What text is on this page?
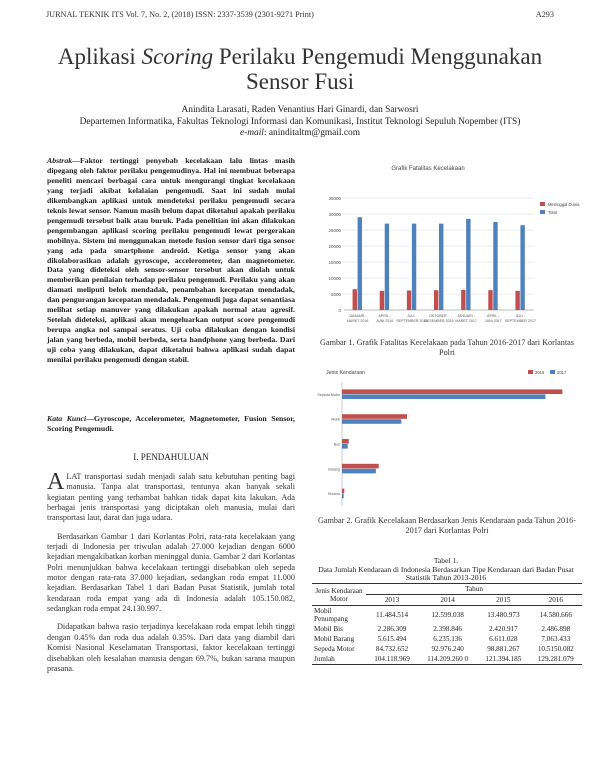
JURNAL TEKNIK ITS Vol. 7, No. 2, (2018) ISSN: 2337-3539 (2301-9271 Print)	A293
Aplikasi Scoring Perilaku Pengemudi Menggunakan
Sensor Fusi
Anindita Larasati, Raden Venantius Hari Ginardi, dan Sarwosri
Departemen Informatika, Fakultas Teknologi Informasi dan Komunikasi, Institut Teknologi Sepuluh Nopember (ITS)
e-mail: aninditaltm@gmail.com
Abstrak—Faktor tertinggi penyebab kecelakaan lalu lintas masih dipegang oleh faktor perilaku pengemudinya. Hal ini membuat beberapa peneliti mencari berbagai cara untuk mengurangi tingkat kecelakaan yang terjadi akibat kelalaian pengemudi. Saat ini sudah mulai dikembangkan aplikasi untuk mendeteksi perilaku pengemudi secara teknis lewat sensor. Namun masih belum dapat diketahui apakah perilaku pengemudi tersebut baik atau buruk. Pada penelitian ini akan dilakukan pengembangan aplikasi scoring perilaku pengemudi lewat pergerakan mobilnya. Sistem ini menggunakan metode fusion sensor dari tiga sensor yang ada pada smartphone android. Ketiga sensor yang akan dikolaborasikan adalah gyroscope, accelerometer, dan magnetometer. Data yang dideteksi oleh sensor-sensor tersebut akan diolah untuk memberikan penilaian terhadap perilaku pengemudi. Perilaku yang akan diamati meliputi belok mendadak, penambahan kecepatan mendadak, dan pengurangan kecepatan mendadak. Pengemudi juga dapat senantiasa melihat setiap manuver yang dilakukan apakah normal atau agresif. Setelah dideteksi, aplikasi akan mengeluarkan output score pengemudi berupa angka nol sampai seratus. Uji coba dilakukan dengan kondisi jalan yang berbeda, mobil berbeda, serta handphone yang berbeda. Dari uji coba yang dilakukan, dapat diketahui bahwa aplikasi sudah dapat menilai perilaku pengemudi dengan stabil.
Kata Kunci—Gyroscope, Accelerometer, Magnetometer, Fusion Sensor, Scoring Pengemudi.
I. PENDAHULUAN

ALAT transportasi sudah menjadi salah satu kebutuhan penting bagi manusia. Tanpa alat transportasi, tentunya akan banyak sekali kegiatan penting yang terhambat bahkan tidak dapat kita lakukan. Ada berbagai jenis transportasi yang diciptakan oleh manusia, mulai dari transportasi laut, darat dan juga udara.

Berdasarkan Gambar 1 dari Korlantas Polri, rata-rata kecelakaan yang terjadi di Indonesia per triwulan adalah 27.000 kejadian dengan 6000 kejadian mengakibatkan korban meninggal dunia. Gambar 2 dari Korlantas Polri menunjukkan bahwa kecelakaan tertinggi disebabkan oleh sepeda motor dengan rata-rata 37.000 kejadian, sedangkan roda empat 11.000 kejadian. Berdasarkan Tabel 1 dari Badan Pusat Statistik, jumlah total kendaraan roda empat yang ada di Indonesia adalah 105.150.082, sedangkan roda empat 24.130.997.

Didapatkan bahwa rasio terjadinya kecelakaan roda empat lebih tinggi dengan 0.45% dan roda dua adalah 0.35%. Dari data yang diambil dari Komisi Nasional Keselamatan Transportasi, faktor kecelakaan tertinggi disebabkan oleh kesalahan manusia dengan 69.7%, bukan sarana maupun prasana.

Grafik Fatalitas Kecelakaan
35000
30000
25000
20000
15000
10000
5000
0
JANUARI -
MARET 2016
APRIL -
JUNI 2016
JULI -
SEPTEMBER 2016
OKTOBER -
DESEMBER 2016
JANUARI -
MARET 2017
APRIL -
JUNI 2017
JULI -
SEPTEMBER 2017
Meninggal Dunia
Total
Gambar 1. Grafik Fatalitas Kecelakaan pada Tahun 2016-2017 dari Korlantas Polri
Jenis Kendaraan
Sepeda Motor
Mobil
Bus
Barang
Khusus
2016	2017
Gambar 2. Grafik Kecelakaan Berdasarkan Jenis Kendaraan pada Tahun 2016-2017 dari Korlantas Polri
Tabel 1.
Data Jumlah Kendaraan di Indonesia Berdasarkan Tipe Kendaraan dari Badan Pusat Statistik Tahun 2013-2016
Jenis Kendaraan Motor	Tahun			
	2013	2014	2015	2016
Mobil Penumpang	11.484.514	12.599.038	13.480.973	14.580.666
Mobil Bis	2.286.309	2.398.846	2.420.917	2.486.898
Mobil Barang	5.615.494	6.235.136	6.611.028	7.063.433
Sepeda Motor	84.732.652	92.976.240	98.881.267	10.5150.082
Jumlah	104.118.969	114.209.260 0	121.394.185	129.281.079
